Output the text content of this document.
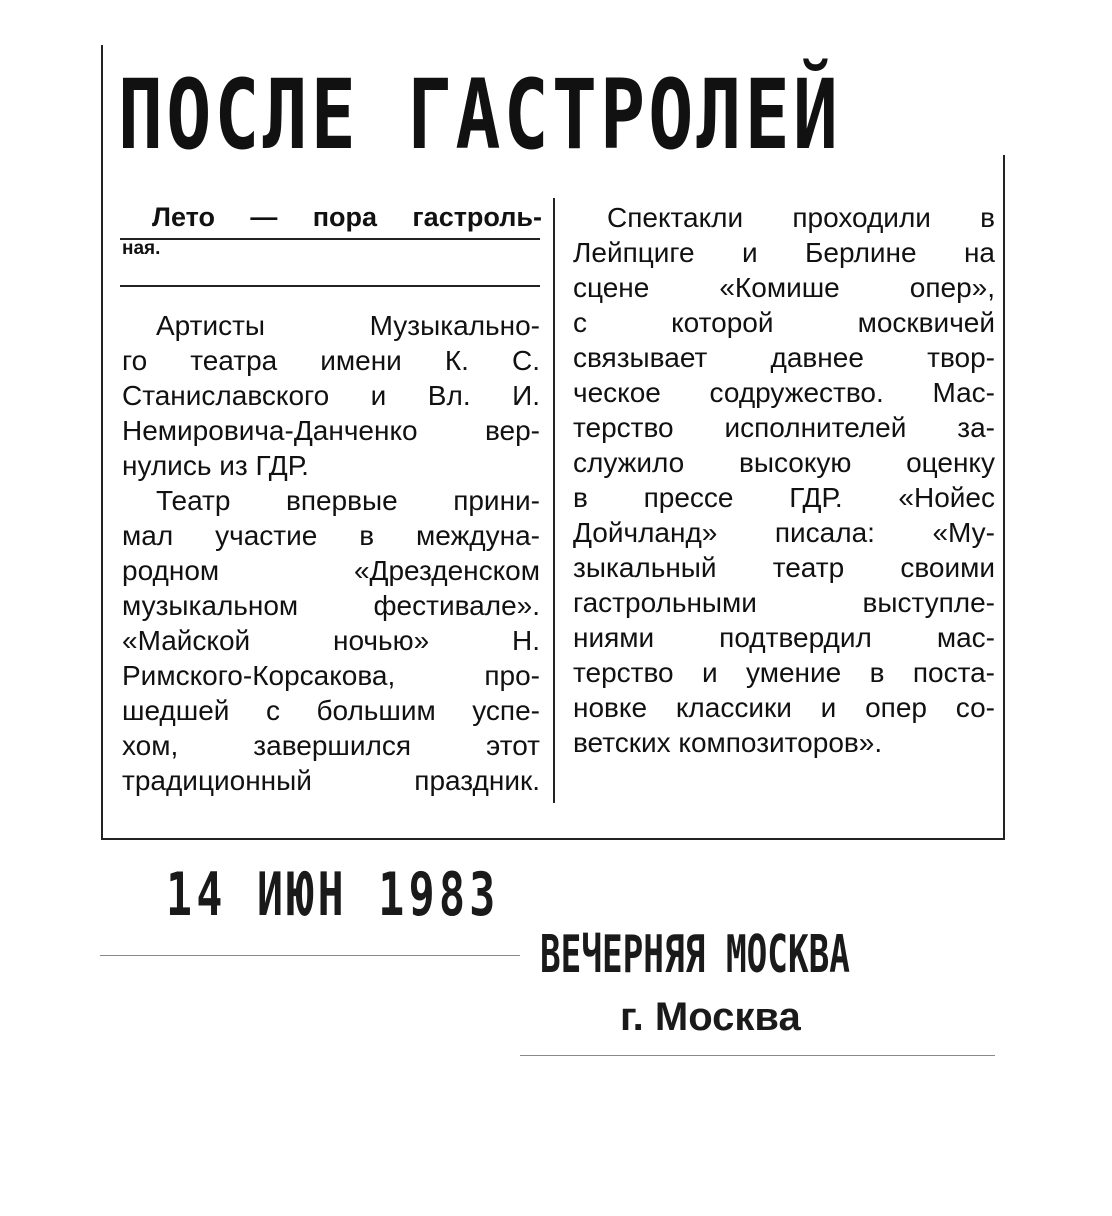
ПОСЛЕ ГАСТРОЛЕЙ
Лето — пора гастроль-
ная.

Артисты Музыкально-
го театра имени К. С.
Станиславского и Вл. И.
Немировича-Данченко вер-
нулись из ГДР.

Театр впервые прини-
мал участие в междуна-
родном «Дрезденском
музыкальном фестивале».
«Майской ночью» Н.
Римского-Корсакова, про-
шедшей с большим успе-
хом, завершился этот
традиционный праздник.

Спектакли проходили в
Лейпциге и Берлине на
сцене «Комише опер»,
с которой москвичей
связывает давнее твор-
ческое содружество. Мас-
терство исполнителей за-
служило высокую оценку
в прессе ГДР. «Нойес
Дойчланд» писала: «Му-
зыкальный театр своими
гастрольными выступле-
ниями подтвердил мас-
терство и умение в поста-
новке классики и опер со-
ветских композиторов».

14 ИЮН 1983
ВЕЧЕРНЯЯ МОСКВА
г. Москва
